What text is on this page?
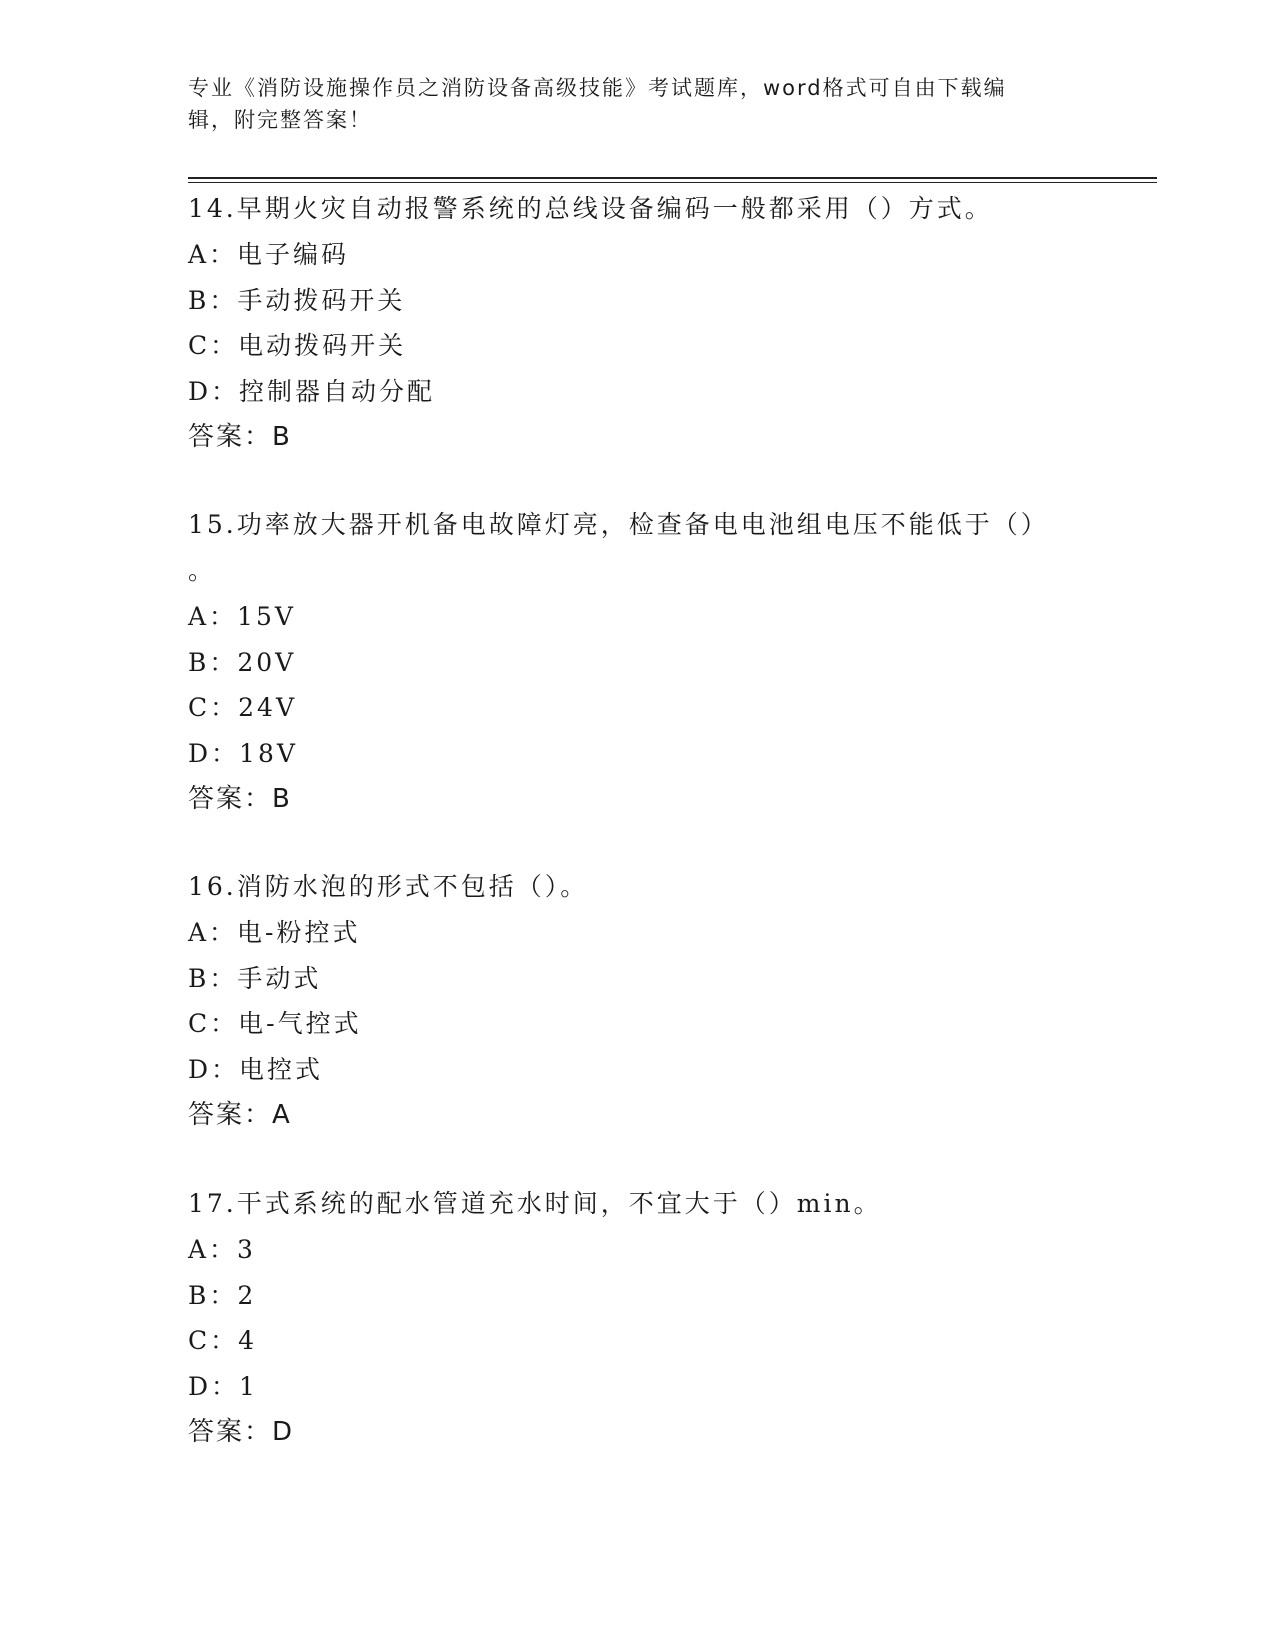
专业《消防设施操作员之消防设备高级技能》考试题库，word格式可自由下载编
辑，附完整答案！
14.早期火灾自动报警系统的总线设备编码一般都采用（）方式。
A：电子编码
B：手动拨码开关
C：电动拨码开关
D：控制器自动分配
答案：B
15.功率放大器开机备电故障灯亮，检查备电电池组电压不能低于（）
。
A：15V
B：20V
C：24V
D：18V
答案：B
16.消防水泡的形式不包括（）。
A：电-粉控式
B：手动式
C：电-气控式
D：电控式
答案：A
17.干式系统的配水管道充水时间，不宜大于（）min。
A：3
B：2
C：4
D：1
答案：D
